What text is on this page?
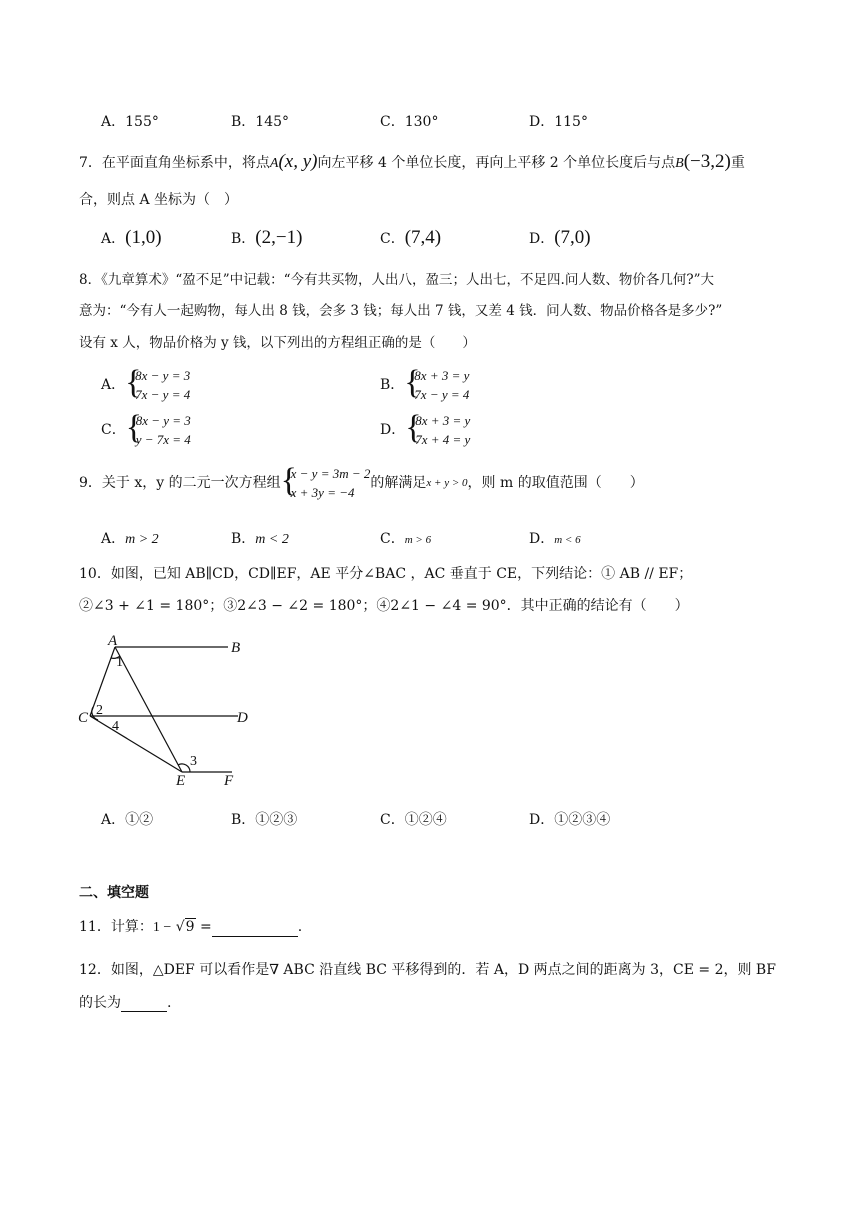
A．155°	B．145°	C．130°	D．115°
7．在平面直角坐标系中，将点A(x, y)向左平移 4 个单位长度，再向上平移 2 个单位长度后与点B(−3,2)重
合，则点 A 坐标为（　）
A．(1,0)	B．(2,−1)	C．(7,4)	D．(7,0)
8．《九章算术》“盈不足”中记载：“今有共买物，人出八，盈三；人出七，不足四.问人数、物价各几何?”大
意为：“今有人一起购物，每人出 8 钱，会多 3 钱；每人出 7 钱，又差 4 钱．问人数、物品价格各是多少?”
设有 x 人，物品价格为 y 钱，以下列出的方程组正确的是（　　）
A． {
8x − y = 3
7x − y = 4
B． {
8x + 3 = y
7x − y = 4
C． {
8x − y = 3
y − 7x = 4
D． {
8x + 3 = y
7x + 4 = y
9．关于 x，y 的二元一次方程组 {
x − y = 3m − 2
x + 3y = −4
的解满足x + y > 0，则 m 的取值范围（　　）
A．m > 2	B．m < 2	C．m > 6	D．m < 6
10．如图，已知 AB∥CD，CD∥EF，AE 平分∠BAC ，AC 垂直于 CE，下列结论：① AB // EF；
②∠3 + ∠1 = 180°；③2∠3 − ∠2 = 180°；④2∠1 − ∠4 = 90°．其中正确的结论有（　　）
A	B
C	D
E	F
1
2
3
4
A．①②	B．①②③	C．①②④	D．①②③④
二、填空题
11．计算：1 − √9 =	.
12．如图，△DEF 可以看作是∇ ABC 沿直线 BC 平移得到的．若 A，D 两点之间的距离为 3，CE = 2，则 BF
的长为	.
